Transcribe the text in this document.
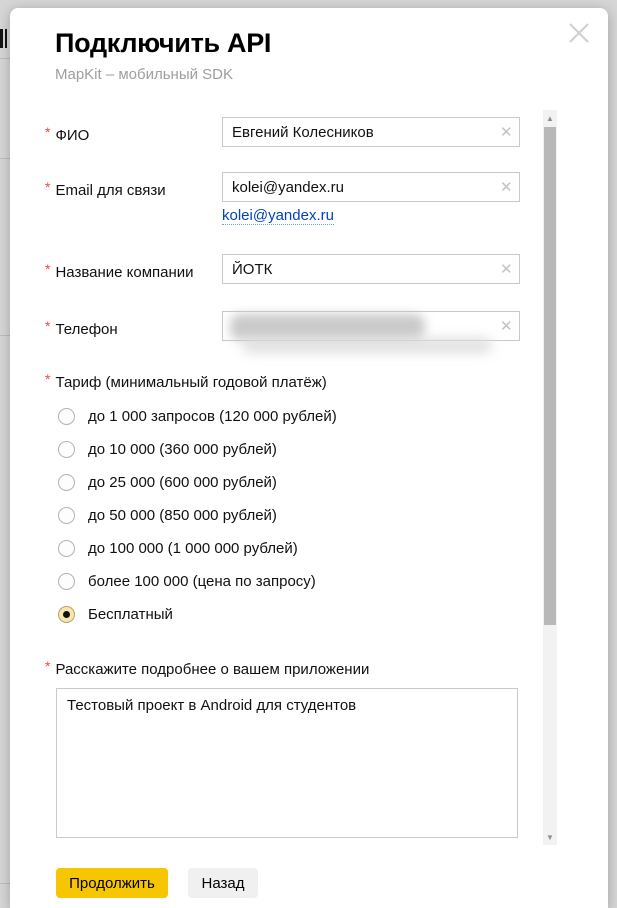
Подключить API
MapKit – мобильный SDK
* ФИО
Евгений Колесников	✕
* Email для связи
kolei@yandex.ru	✕
kolei@yandex.ru
* Название компании
ЙОТК	✕
* Телефон	✕
* Тариф (минимальный годовой платёж)
до 1 000 запросов (120 000 рублей)
до 10 000 (360 000 рублей)
до 25 000 (600 000 рублей)
до 50 000 (850 000 рублей)
до 100 000 (1 000 000 рублей)
более 100 000 (цена по запросу)
Бесплатный
* Расскажите подробнее о вашем приложении
Тестовый проект в Android для студентов
Продолжить	Назад
▲
▼
